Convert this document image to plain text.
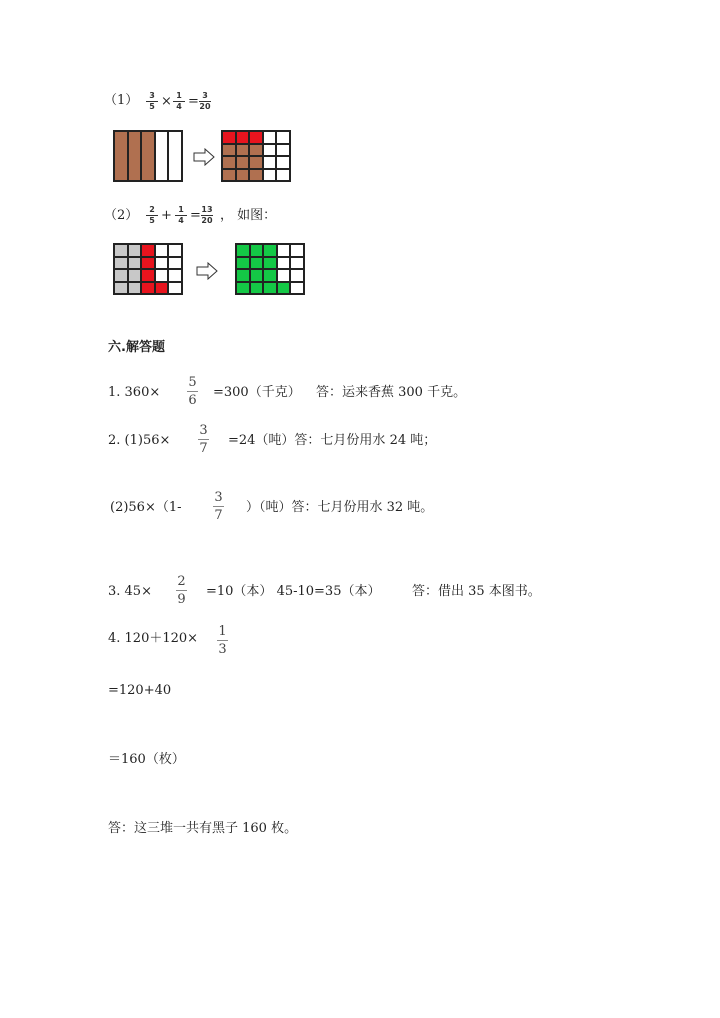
（1） 3
5 × 1
4 = 3
20
（2） 2
5 + 1
4 = 13
20 ， 如图：
六.解答题
1. 360×
5
6
=300（千克） 答：运来香蕉 300 千克。
2. (1)56×
3
7
=24（吨）答：七月份用水 24 吨；
(2)56×（1-
3
7
）（吨）答：七月份用水 32 吨。
3. 45×
2
9
=10（本） 45-10=35（本） 答：借出 35 本图书。
4. 120＋120× 1
3
=120+40
＝160（枚）
答：这三堆一共有黑子 160 枚。
